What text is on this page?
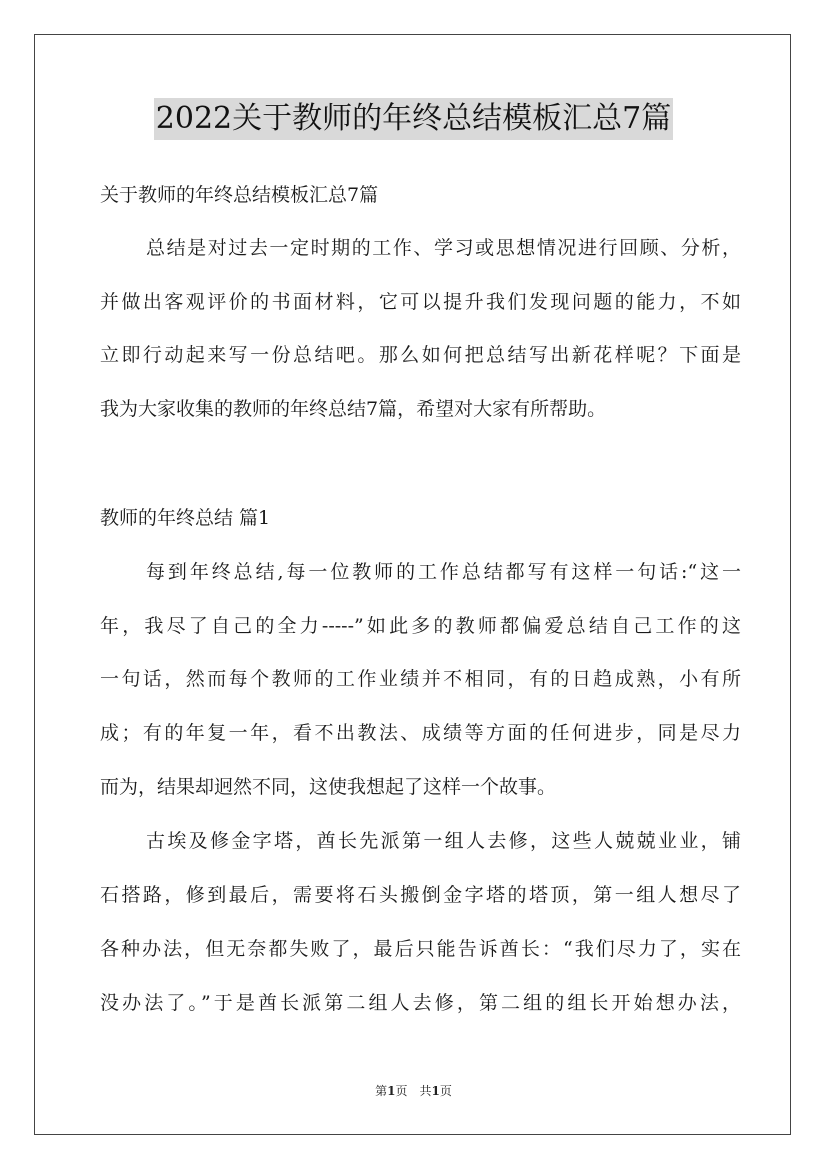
2022关于教师的年终总结模板汇总7篇
关于教师的年终总结模板汇总7篇
总结是对过去一定时期的工作、学习或思想情况进行回顾、分析，
并做出客观评价的书面材料，它可以提升我们发现问题的能力，不如
立即行动起来写一份总结吧。那么如何把总结写出新花样呢？下面是
我为大家收集的教师的年终总结7篇，希望对大家有所帮助。
教师的年终总结 篇1
每到年终总结,每一位教师的工作总结都写有这样一句话:“这一
年，我尽了自己的全力-----”如此多的教师都偏爱总结自己工作的这
一句话，然而每个教师的工作业绩并不相同，有的日趋成熟，小有所
成；有的年复一年，看不出教法、成绩等方面的任何进步，同是尽力
而为，结果却迥然不同，这使我想起了这样一个故事。
古埃及修金字塔，酋长先派第一组人去修，这些人兢兢业业，铺
石搭路，修到最后，需要将石头搬倒金字塔的塔顶，第一组人想尽了
各种办法，但无奈都失败了，最后只能告诉酋长：“我们尽力了，实在
没办法了。”于是酋长派第二组人去修，第二组的组长开始想办法，
第1页　共1页
